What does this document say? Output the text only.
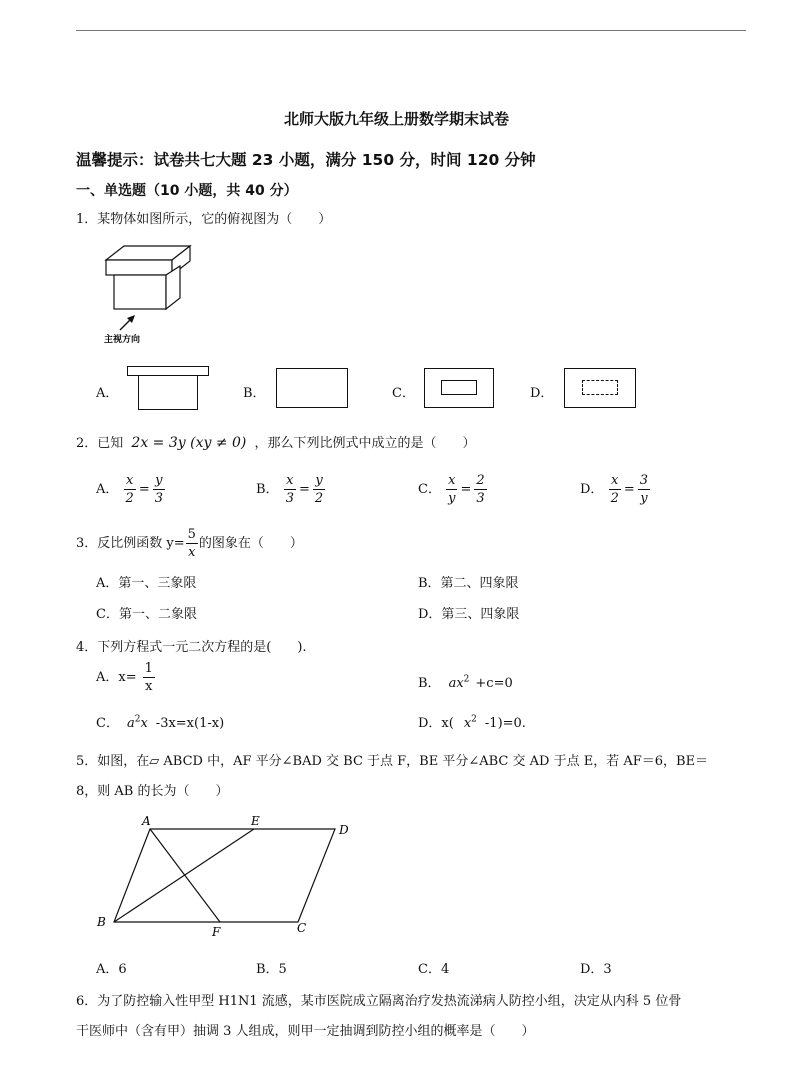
北师大版九年级上册数学期末试卷
温馨提示：试卷共七大题 23 小题，满分 150 分，时间 120 分钟
一、单选题（10 小题，共 40 分）
1．某物体如图所示，它的俯视图为（　　）
主视方向
A．	B．	C．	D．
2．已知 2x = 3y (xy ≠ 0) ，那么下列比例式中成立的是（　　）
A． $\frac{x}{2} = \frac{y}{3}$	B． $\frac{x}{3} = \frac{y}{2}$	C． $\frac{x}{y} = \frac{2}{3}$	D． $\frac{x}{2} = \frac{3}{y}$
3．反比例函数 $y= \frac{5}{x}$ 的图象在（　　）
A．第一、三象限	B．第二、四象限
C．第一、二象限	D．第三、四象限
4．下列方程式一元二次方程的是(　　).
A．$x= \frac{1}{x}$	B． $ax^2 +c=0$
C． $a^2x$ -3x=x(1-x)	D．x( $x^2$ -1)=0.
5．如图，在▱ ABCD 中，AF 平分∠BAD 交 BC 于点 F，BE 平分∠ABC 交 AD 于点 E，若 AF＝6，BE＝
8，则 AB 的长为（　　）
A	E
D
B
F	C
A．6	B．5	C．4	D．3
6．为了防控输入性甲型 H1N1 流感，某市医院成立隔离治疗发热流涕病人防控小组，决定从内科 5 位骨
干医师中（含有甲）抽调 3 人组成，则甲一定抽调到防控小组的概率是（　　）
